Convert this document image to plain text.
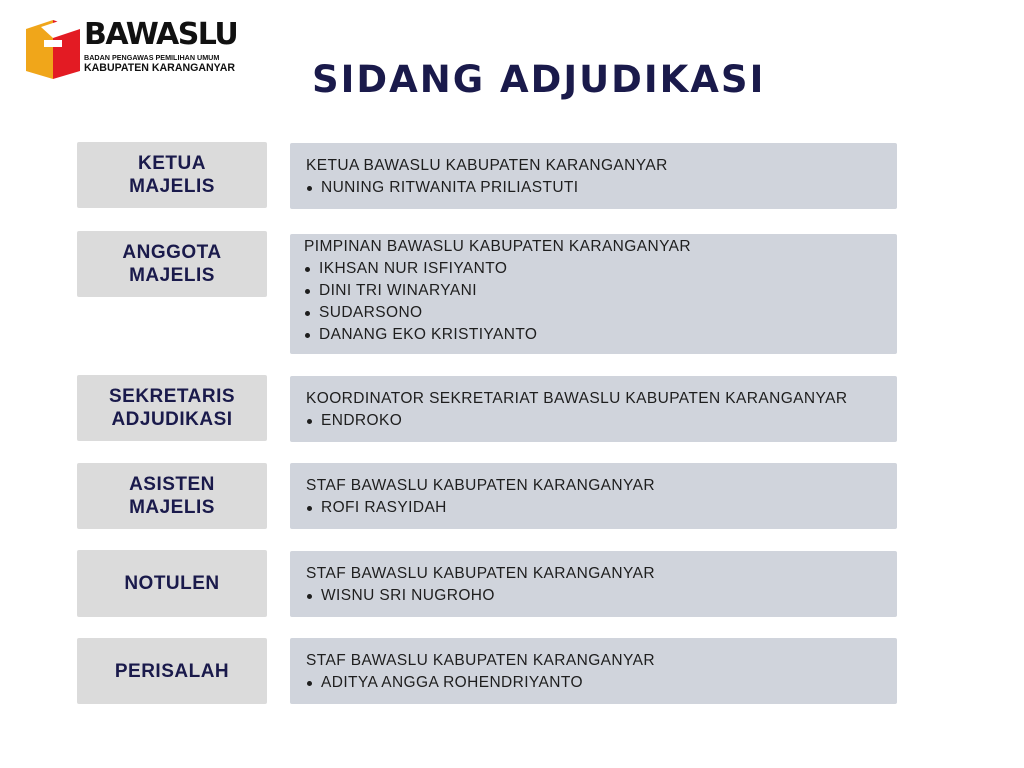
BAWASLU
BADAN PENGAWAS PEMILIHAN UMUM
KABUPATEN KARANGANYAR SIDANG ADJUDIKASI
KETUA
MAJELIS
KETUA BAWASLU KABUPATEN KARANGANYAR
NUNING RITWANITA PRILIASTUTI
ANGGOTA
MAJELIS
PIMPINAN BAWASLU KABUPATEN KARANGANYAR
IKHSAN NUR ISFIYANTO
DINI TRI WINARYANI
SUDARSONO
DANANG EKO KRISTIYANTO
SEKRETARIS
ADJUDIKASI
KOORDINATOR SEKRETARIAT BAWASLU KABUPATEN KARANGANYAR
ENDROKO
ASISTEN
MAJELIS
STAF BAWASLU KABUPATEN KARANGANYAR
ROFI RASYIDAH
NOTULEN	STAF BAWASLU KABUPATEN KARANGANYAR
WISNU SRI NUGROHO
PERISALAH	STAF BAWASLU KABUPATEN KARANGANYAR
ADITYA ANGGA ROHENDRIYANTO
